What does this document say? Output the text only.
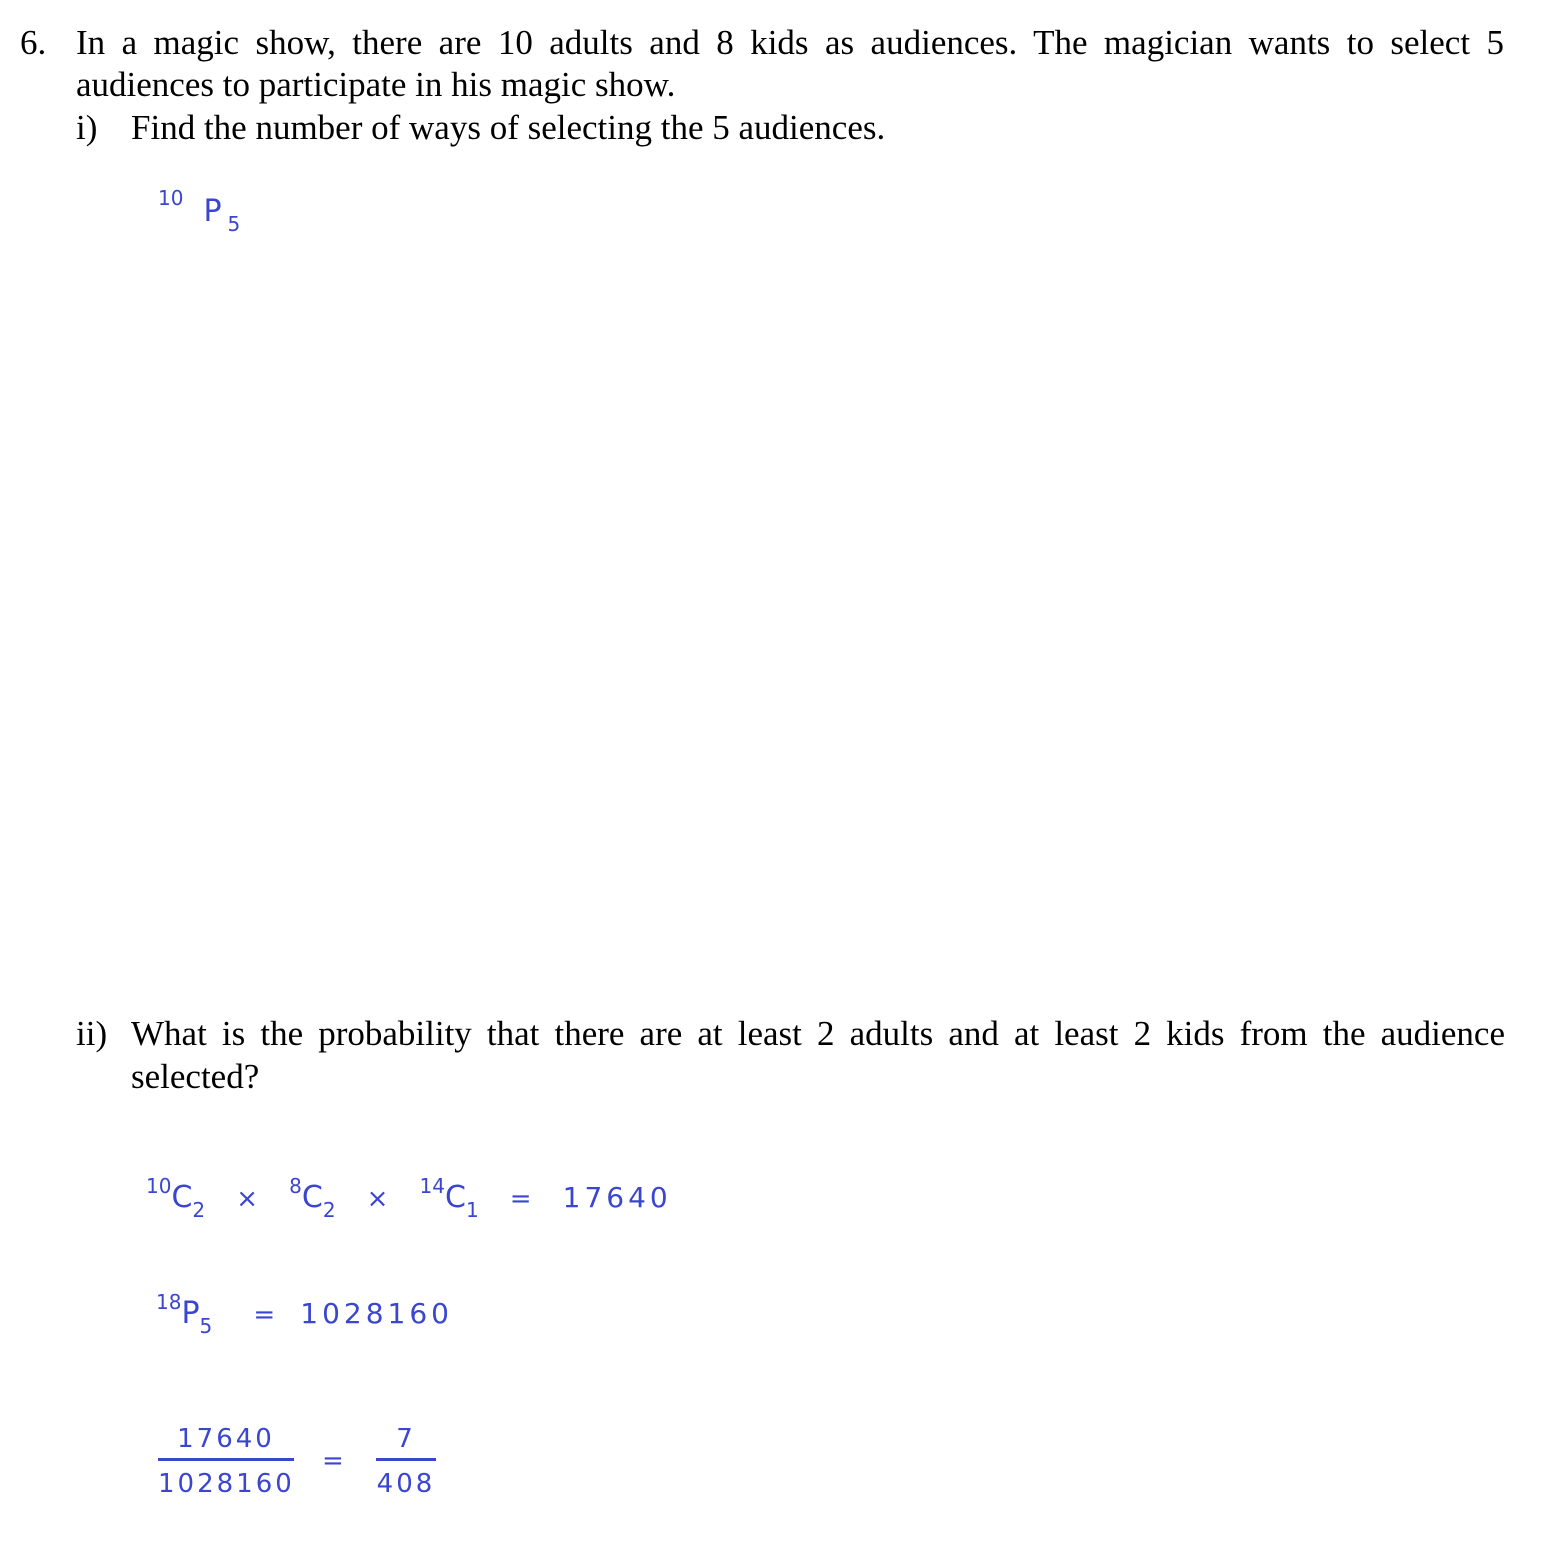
6. In a magic show, there are 10 adults and 8 kids as audiences. The magician wants to select 5
audiences to participate in his magic show.
i) Find the number of ways of selecting the 5 audiences.
10 P 5
ii) What is the probability that there are at least 2 adults and at least 2 kids from the audience
selected?
10C2 × 8C2 × 14C1 = 17640
18P5 = 1028160
17640
1028160
=
7
408
